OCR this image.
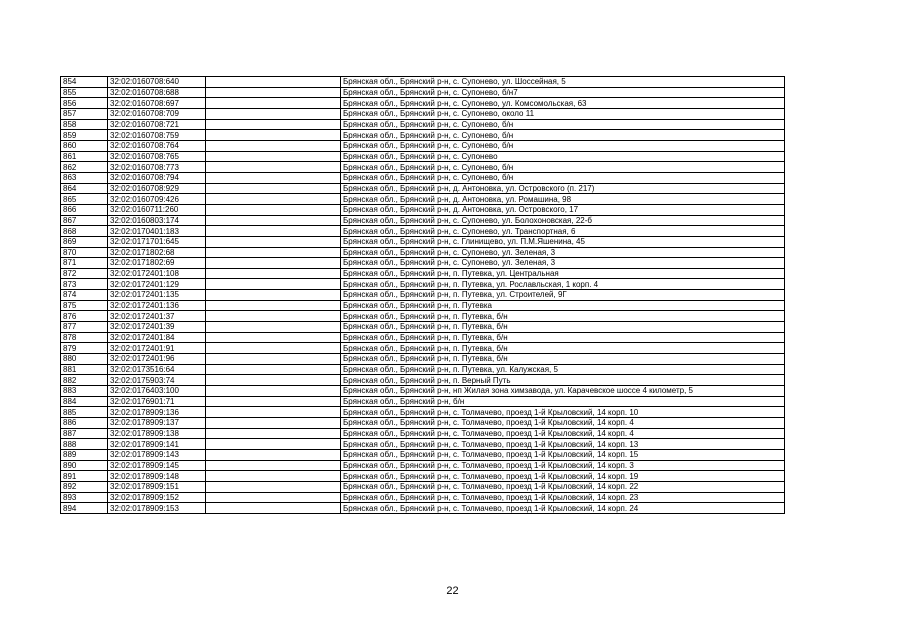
854	32:02:0160708:640		Брянская обл., Брянский р-н, с. Супонево, ул. Шоссейная, 5
855	32:02:0160708:688		Брянская обл., Брянский р-н, с. Супонево, б/н7
856	32:02:0160708:697		Брянская обл., Брянский р-н, с. Супонево, ул. Комсомольская, 63
857	32:02:0160708:709		Брянская обл., Брянский р-н, с. Супонево, около 11
858	32:02:0160708:721		Брянская обл., Брянский р-н, с. Супонево, б/н
859	32:02:0160708:759		Брянская обл., Брянский р-н, с. Супонево, б/н
860	32:02:0160708:764		Брянская обл., Брянский р-н, с. Супонево, б/н
861	32:02:0160708:765		Брянская обл., Брянский р-н, с. Супонево
862	32:02:0160708:773		Брянская обл., Брянский р-н, с. Супонево, б/н
863	32:02:0160708:794		Брянская обл., Брянский р-н, с. Супонево, б/н
864	32:02:0160708:929		Брянская обл., Брянский р-н, д. Антоновка, ул. Островского (п. 217)
865	32:02:0160709:426		Брянская обл., Брянский р-н, д. Антоновка, ул. Ромашина, 98
866	32:02:0160711:260		Брянская обл., Брянский р-н, д. Антоновка, ул. Островского, 17
867	32:02:0160803:174		Брянская обл., Брянский р-н, с. Супонево, ул. Болохоновская, 22-б
868	32:02:0170401:183		Брянская обл., Брянский р-н, с. Супонево, ул. Транспортная, 6
869	32:02:0171701:645		Брянская обл., Брянский р-н, с. Глинищево, ул. П.М.Яшенина, 45
870	32:02:0171802:68		Брянская обл., Брянский р-н, с. Супонево, ул. Зеленая, 3
871	32:02:0171802:69		Брянская обл., Брянский р-н, с. Супонево, ул. Зеленая, 3
872	32:02:0172401:108		Брянская обл., Брянский р-н, п. Путевка, ул. Центральная
873	32:02:0172401:129		Брянская обл., Брянский р-н, п. Путевка, ул. Рославльская, 1 корп. 4
874	32:02:0172401:135		Брянская обл., Брянский р-н, п. Путевка, ул. Строителей, 9Г
875	32:02:0172401:136		Брянская обл., Брянский р-н, п. Путевка
876	32:02:0172401:37		Брянская обл., Брянский р-н, п. Путевка, б/н
877	32:02:0172401:39		Брянская обл., Брянский р-н, п. Путевка, б/н
878	32:02:0172401:84		Брянская обл., Брянский р-н, п. Путевка, б/н
879	32:02:0172401:91		Брянская обл., Брянский р-н, п. Путевка, б/н
880	32:02:0172401:96		Брянская обл., Брянский р-н, п. Путевка, б/н
881	32:02:0173516:64		Брянская обл., Брянский р-н, п. Путевка, ул. Калужская, 5
882	32:02:0175903:74		Брянская обл., Брянский р-н, п. Верный Путь
883	32:02:0176403:100		Брянская обл., Брянский р-н, нп Жилая зона химзавода, ул. Карачевское шоссе 4 километр, 5
884	32:02:0176901:71		Брянская обл., Брянский р-н, б/н
885	32:02:0178909:136		Брянская обл., Брянский р-н, с. Толмачево, проезд 1-й Крыловский, 14 корп. 10
886	32:02:0178909:137		Брянская обл., Брянский р-н, с. Толмачево, проезд 1-й Крыловский, 14 корп. 4
887	32:02:0178909:138		Брянская обл., Брянский р-н, с. Толмачево, проезд 1-й Крыловский, 14 корп. 4
888	32:02:0178909:141		Брянская обл., Брянский р-н, с. Толмачево, проезд 1-й Крыловский, 14 корп. 13
889	32:02:0178909:143		Брянская обл., Брянский р-н, с. Толмачево, проезд 1-й Крыловский, 14 корп. 15
890	32:02:0178909:145		Брянская обл., Брянский р-н, с. Толмачево, проезд 1-й Крыловский, 14 корп. 3
891	32:02:0178909:148		Брянская обл., Брянский р-н, с. Толмачево, проезд 1-й Крыловский, 14 корп. 19
892	32:02:0178909:151		Брянская обл., Брянский р-н, с. Толмачево, проезд 1-й Крыловский, 14 корп. 22
893	32:02:0178909:152		Брянская обл., Брянский р-н, с. Толмачево, проезд 1-й Крыловский, 14 корп. 23
894	32:02:0178909:153		Брянская обл., Брянский р-н, с. Толмачево, проезд 1-й Крыловский, 14 корп. 24
22
